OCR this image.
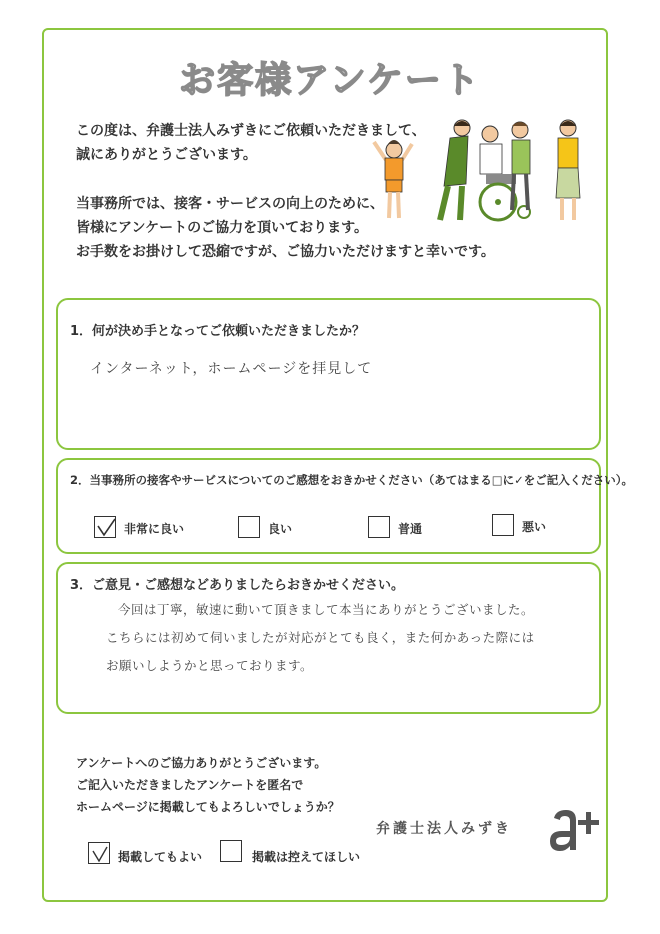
お客様アンケート
この度は、弁護士法人みずきにご依頼いただきまして、
誠にありがとうございます。
当事務所では、接客・サービスの向上のために、
皆様にアンケートのご協力を頂いております。
お手数をお掛けして恐縮ですが、ご協力いただけますと幸いです。
1．何が決め手となってご依頼いただきましたか？
インターネット，ホームページを拝見して
2．当事務所の接客やサービスについてのご感想をおきかせください（あてはまる□に✓をご記入ください）。
非常に良い	良い	普通	悪い
3．ご意見・ご感想などありましたらおきかせください。
今回は丁寧，敏速に動いて頂きまして本当にありがとうございました。
こちらには初めて伺いましたが対応がとても良く，また何かあった際には
お願いしようかと思っております。
アンケートへのご協力ありがとうございます。
ご記入いただきましたアンケートを匿名で
ホームページに掲載してもよろしいでしょうか？
掲載してもよい	掲載は控えてほしい
弁護士法人みずき
